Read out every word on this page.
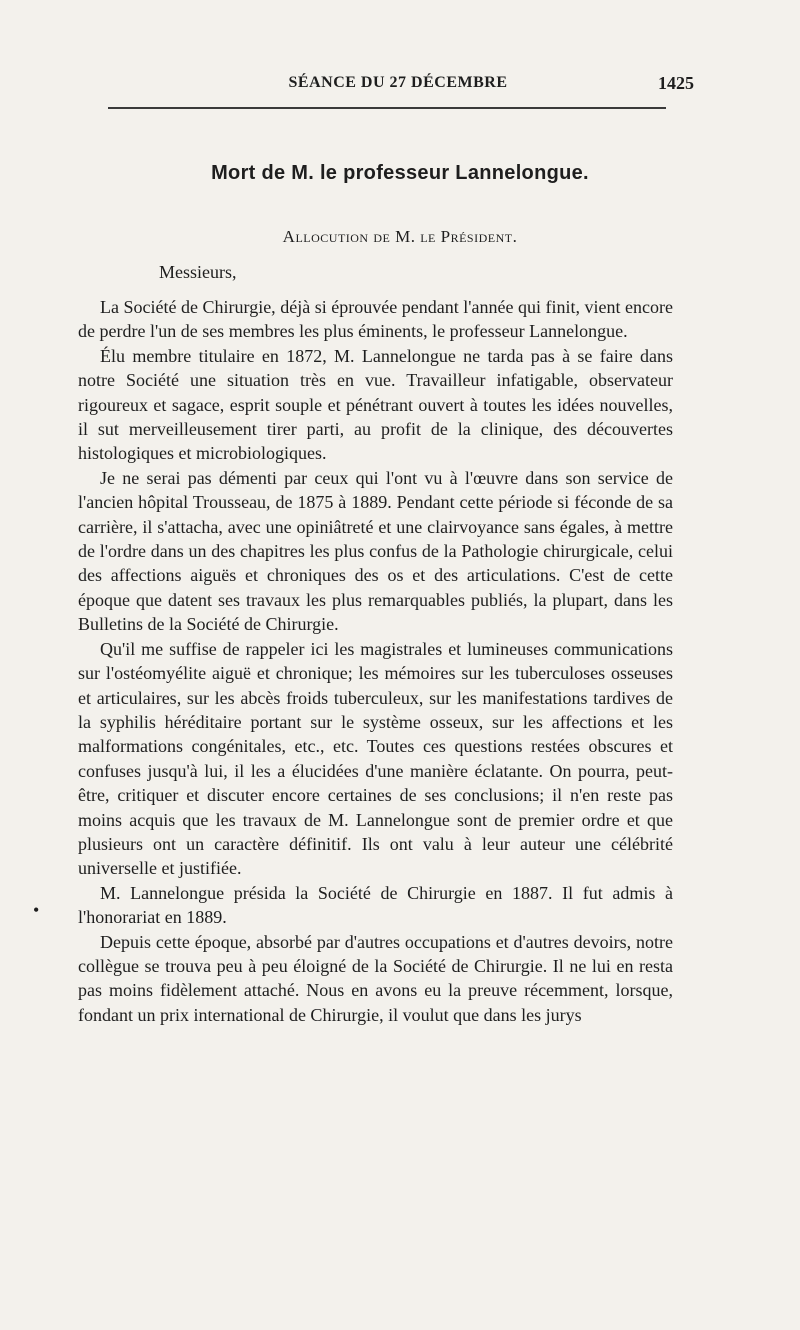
SÉANCE DU 27 DÉCEMBRE	1425
Mort de M. le professeur Lannelongue.
Allocution de M. le Président.
Messieurs,

La Société de Chirurgie, déjà si éprouvée pendant l'année qui finit, vient encore de perdre l'un de ses membres les plus éminents, le professeur Lannelongue.

Élu membre titulaire en 1872, M. Lannelongue ne tarda pas à se faire dans notre Société une situation très en vue. Travailleur infatigable, observateur rigoureux et sagace, esprit souple et pénétrant ouvert à toutes les idées nouvelles, il sut merveilleusement tirer parti, au profit de la clinique, des découvertes histologiques et microbiologiques.

Je ne serai pas démenti par ceux qui l'ont vu à l'œuvre dans son service de l'ancien hôpital Trousseau, de 1875 à 1889. Pendant cette période si féconde de sa carrière, il s'attacha, avec une opiniâtreté et une clairvoyance sans égales, à mettre de l'ordre dans un des chapitres les plus confus de la Pathologie chirurgicale, celui des affections aiguës et chroniques des os et des articulations. C'est de cette époque que datent ses travaux les plus remarquables publiés, la plupart, dans les Bulletins de la Société de Chirurgie.

Qu'il me suffise de rappeler ici les magistrales et lumineuses communications sur l'ostéomyélite aiguë et chronique; les mémoires sur les tuberculoses osseuses et articulaires, sur les abcès froids tuberculeux, sur les manifestations tardives de la syphilis héréditaire portant sur le système osseux, sur les affections et les malformations congénitales, etc., etc. Toutes ces questions restées obscures et confuses jusqu'à lui, il les a élucidées d'une manière éclatante. On pourra, peut-être, critiquer et discuter encore certaines de ses conclusions; il n'en reste pas moins acquis que les travaux de M. Lannelongue sont de premier ordre et que plusieurs ont un caractère définitif. Ils ont valu à leur auteur une célébrité universelle et justifiée.

M. Lannelongue présida la Société de Chirurgie en 1887. Il fut admis à l'honorariat en 1889.

Depuis cette époque, absorbé par d'autres occupations et d'autres devoirs, notre collègue se trouva peu à peu éloigné de la Société de Chirurgie. Il ne lui en resta pas moins fidèlement attaché. Nous en avons eu la preuve récemment, lorsque, fondant un prix international de Chirurgie, il voulut que dans les jurys

•
